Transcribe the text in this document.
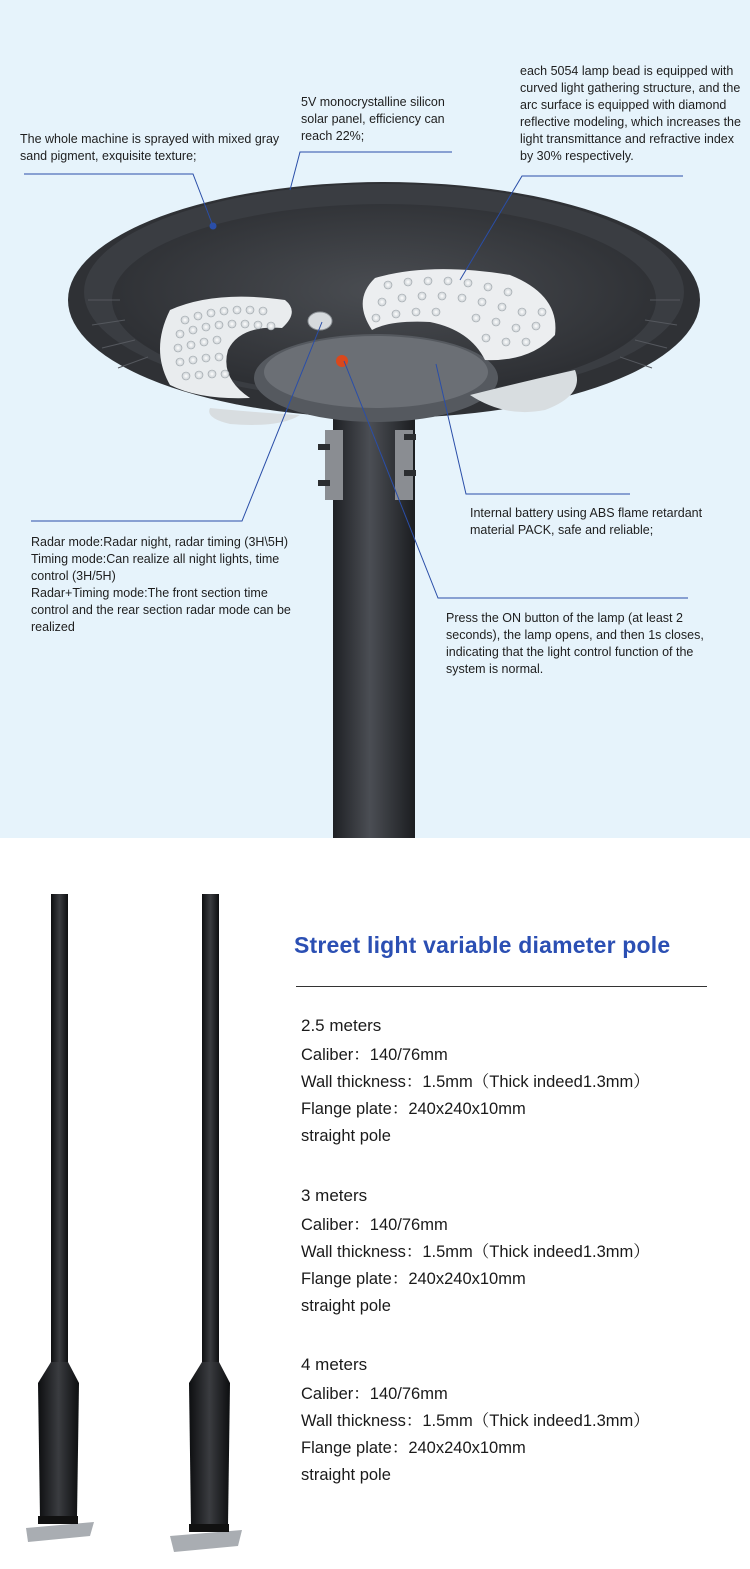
The whole machine is sprayed with mixed gray sand pigment, exquisite texture;

5V monocrystalline silicon solar panel, efficiency can reach 22%;

each 5054 lamp bead is equipped with curved light gathering structure, and the arc surface is equipped with diamond reflective modeling, which increases the light transmittance and refractive index by 30% respectively.

Internal battery using ABS flame retardant material PACK, safe and reliable;

Radar mode:Radar night, radar timing (3H\5H)

Timing mode:Can realize all night lights, time control (3H/5H)

Radar+Timing mode:The front section time control and the rear section radar mode can be realized

Press the ON button of the lamp (at least 2 seconds), the lamp opens, and then 1s closes, indicating that the light control function of the system is normal.

Street light variable diameter pole
2.5 meters
Caliber：140/76mm
Wall thickness：1.5mm（Thick indeed1.3mm）
Flange plate：240x240x10mm
straight pole
3 meters
Caliber：140/76mm
Wall thickness：1.5mm（Thick indeed1.3mm）
Flange plate：240x240x10mm
straight pole
4 meters
Caliber：140/76mm
Wall thickness：1.5mm（Thick indeed1.3mm）
Flange plate：240x240x10mm
straight pole
